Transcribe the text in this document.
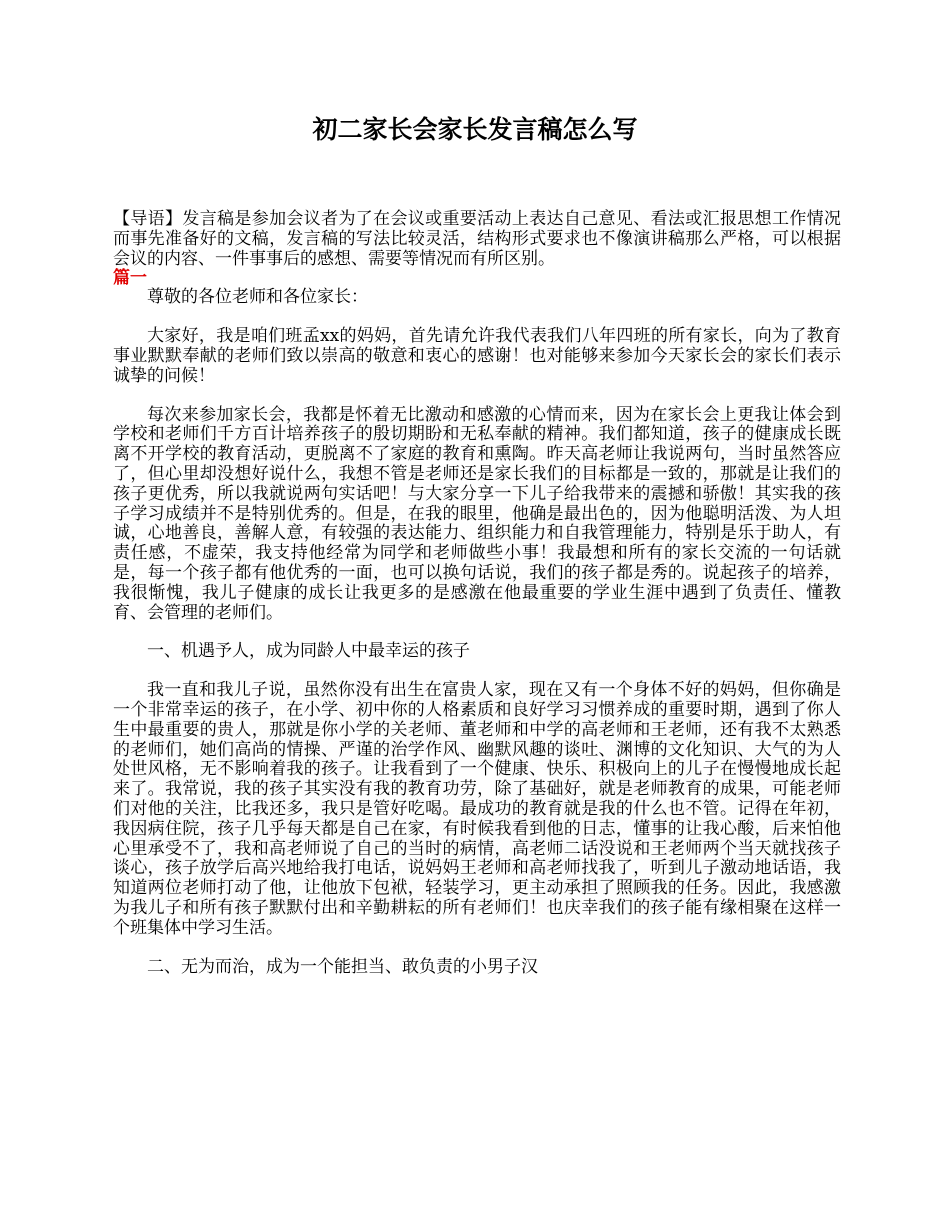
初二家长会家长发言稿怎么写

【导语】发言稿是参加会议者为了在会议或重要活动上表达自己意见、看法或汇报思想工作情况而事先准备好的文稿，发言稿的写法比较灵活，结构形式要求也不像演讲稿那么严格，可以根据会议的内容、一件事事后的感想、需要等情况而有所区别。

篇一

尊敬的各位老师和各位家长：

大家好，我是咱们班孟xx的妈妈，首先请允许我代表我们八年四班的所有家长，向为了教育事业默默奉献的老师们致以崇高的敬意和衷心的感谢！也对能够来参加今天家长会的家长们表示诚挚的问候！

每次来参加家长会，我都是怀着无比激动和感激的心情而来，因为在家长会上更我让体会到学校和老师们千方百计培养孩子的殷切期盼和无私奉献的精神。我们都知道，孩子的健康成长既离不开学校的教育活动，更脱离不了家庭的教育和熏陶。昨天高老师让我说两句，当时虽然答应了，但心里却没想好说什么，我想不管是老师还是家长我们的目标都是一致的，那就是让我们的孩子更优秀，所以我就说两句实话吧！与大家分享一下儿子给我带来的震撼和骄傲！其实我的孩子学习成绩并不是特别优秀的。但是，在我的眼里，他确是最出色的，因为他聪明活泼、为人坦诚，心地善良，善解人意，有较强的表达能力、组织能力和自我管理能力，特别是乐于助人，有责任感，不虚荣，我支持他经常为同学和老师做些小事！我最想和所有的家长交流的一句话就是，每一个孩子都有他优秀的一面，也可以换句话说，我们的孩子都是秀的。说起孩子的培养，我很惭愧，我儿子健康的成长让我更多的是感激在他最重要的学业生涯中遇到了负责任、懂教育、会管理的老师们。

一、机遇予人，成为同龄人中最幸运的孩子

我一直和我儿子说，虽然你没有出生在富贵人家，现在又有一个身体不好的妈妈，但你确是一个非常幸运的孩子，在小学、初中你的人格素质和良好学习习惯养成的重要时期，遇到了你人生中最重要的贵人，那就是你小学的关老师、董老师和中学的高老师和王老师，还有我不太熟悉的老师们，她们高尚的情操、严谨的治学作风、幽默风趣的谈吐、渊博的文化知识、大气的为人处世风格，无不影响着我的孩子。让我看到了一个健康、快乐、积极向上的儿子在慢慢地成长起来了。我常说，我的孩子其实没有我的教育功劳，除了基础好，就是老师教育的成果，可能老师们对他的关注，比我还多，我只是管好吃喝。最成功的教育就是我的什么也不管。记得在年初，我因病住院，孩子几乎每天都是自己在家，有时候我看到他的日志，懂事的让我心酸，后来怕他心里承受不了，我和高老师说了自己的当时的病情，高老师二话没说和王老师两个当天就找孩子谈心，孩子放学后高兴地给我打电话，说妈妈王老师和高老师找我了，听到儿子激动地话语，我知道两位老师打动了他，让他放下包袱，轻装学习，更主动承担了照顾我的任务。因此，我感激为我儿子和所有孩子默默付出和辛勤耕耘的所有老师们！也庆幸我们的孩子能有缘相聚在这样一个班集体中学习生活。

二、无为而治，成为一个能担当、敢负责的小男子汉
